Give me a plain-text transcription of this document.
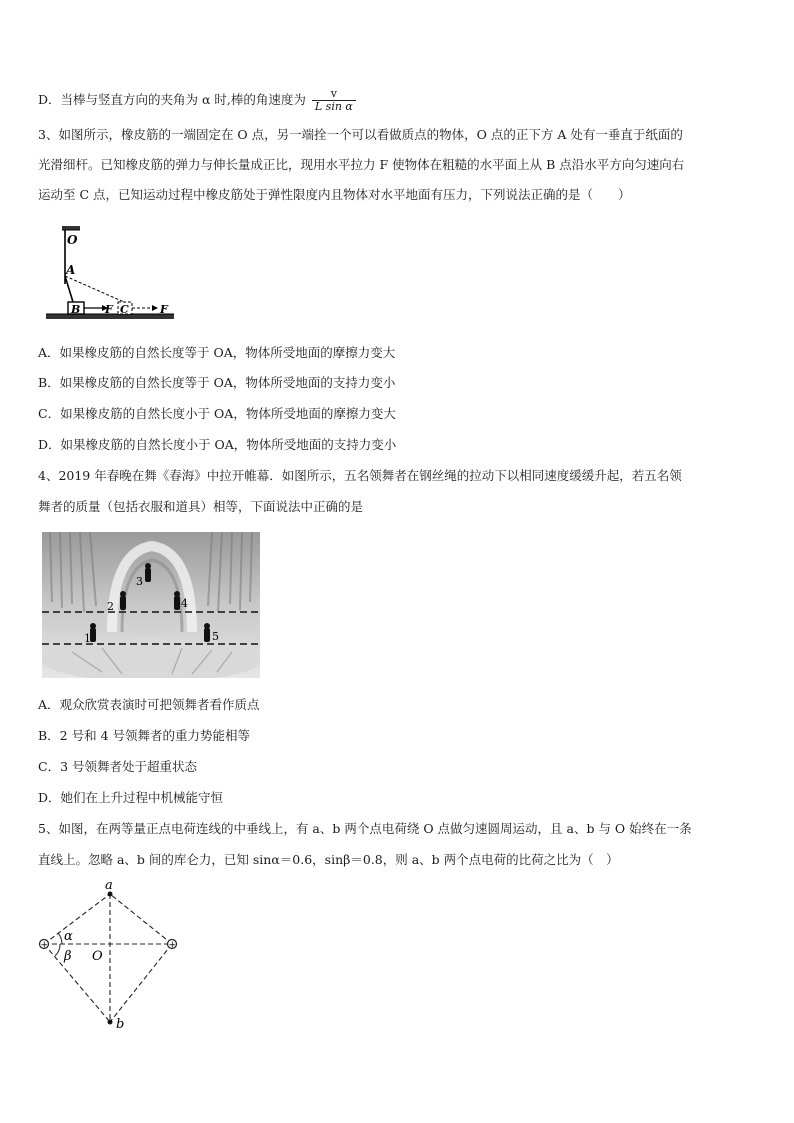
D．当棒与竖直方向的夹角为 α 时,棒的角速度为 $\frac{v}{\text{L sin α}}$
3、如图所示，橡皮筋的一端固定在 O 点，另一端拴一个可以看做质点的物体，O 点的正下方 A 处有一垂直于纸面的
光滑细杆。已知橡皮筋的弹力与伸长量成正比，现用水平拉力 F 使物体在粗糙的水平面上从 B 点沿水平方向匀速向右
运动至 C 点，已知运动过程中橡皮筋处于弹性限度内且物体对水平地面有压力，下列说法正确的是（　　）
O
A
B F C	F
A．如果橡皮筋的自然长度等于 OA，物体所受地面的摩擦力变大
B．如果橡皮筋的自然长度等于 OA，物体所受地面的支持力变小
C．如果橡皮筋的自然长度小于 OA，物体所受地面的摩擦力变大
D．如果橡皮筋的自然长度小于 OA，物体所受地面的支持力变小
4、2019 年春晚在舞《春海》中拉开帷幕．如图所示，五名领舞者在钢丝绳的拉动下以相同速度缓缓升起，若五名领
舞者的质量（包括衣服和道具）相等，下面说法中正确的是
3
2	4
1	5
A．观众欣赏表演时可把领舞者看作质点
B．2 号和 4 号领舞者的重力势能相等
C．3 号领舞者处于超重状态
D．她们在上升过程中机械能守恒
5、如图，在两等量正点电荷连线的中垂线上，有 a、b 两个点电荷绕 O 点做匀速圆周运动，且 a、b 与 O 始终在一条
直线上。忽略 a、b 间的库仑力，已知 sinα＝0.6，sinβ＝0.8，则 a、b 两个点电荷的比荷之比为（　）
+	+
a
b
O
α
β
